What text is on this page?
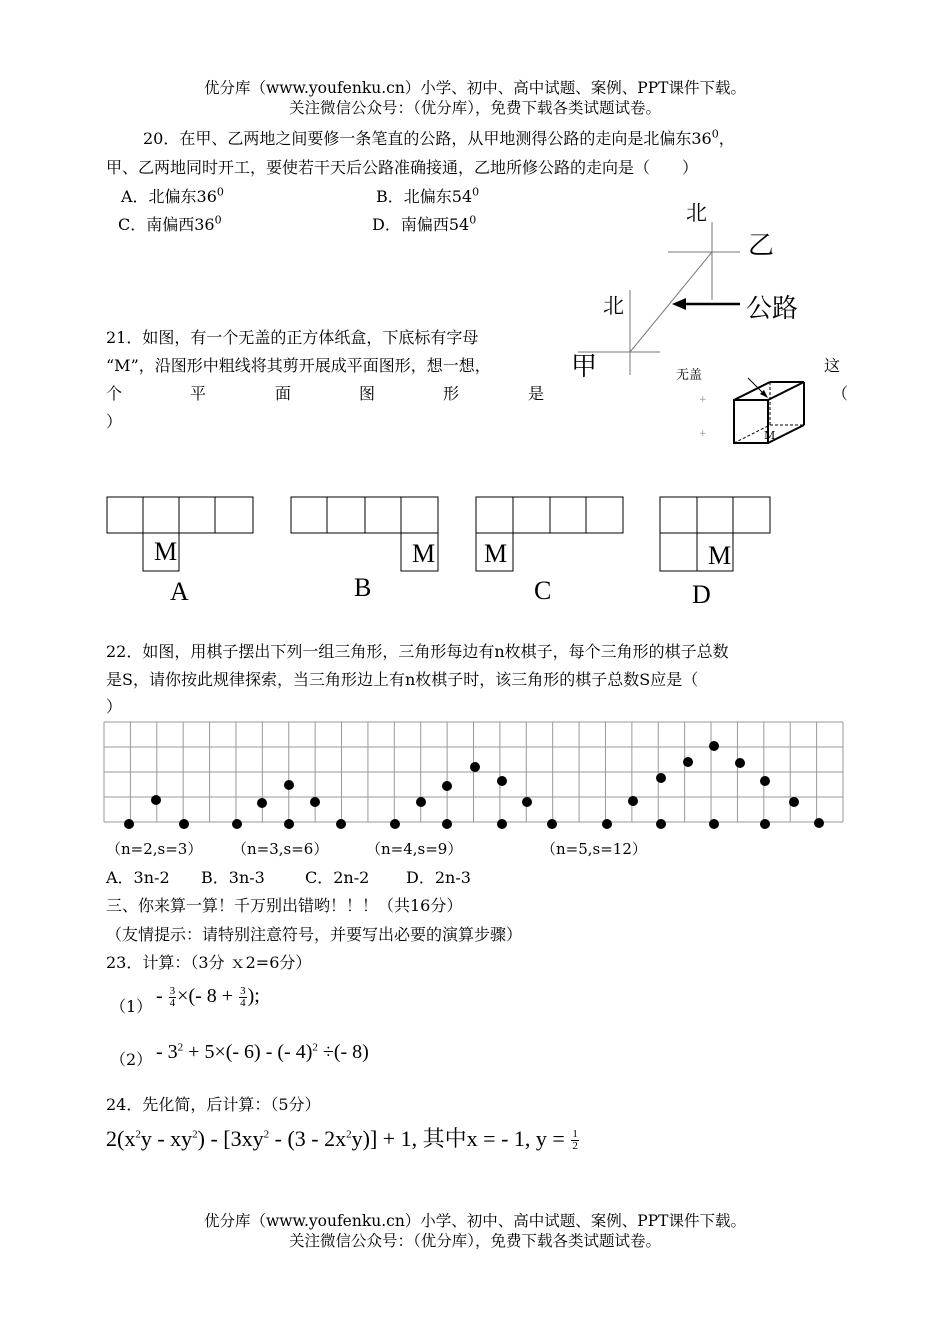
优分库（www.youfenku.cn）小学、初中、高中试题、案例、PPT课件下载。
关注微信公众号：（优分库），免费下载各类试题试卷。
20．在甲、乙两地之间要修一条笔直的公路，从甲地测得公路的走向是北偏东$36^0$，
甲、乙两地同时开工，要使若干天后公路准确接通，乙地所修公路的走向是（　　）
A．北偏东$36^0$	B．北偏东$54^0$
C．南偏西$36^0$	D．南偏西$54^0$	北
乙
北	公路
甲
21．如图，有一个无盖的正方体纸盒，下底标有字母
“M”，沿图形中粗线将其剪开展成平面图形，想一想，	这
个	平	面	图	形	是	（
）
+
+
无盖
M
M	M M	M
A	B	C	D
22．如图，用棋子摆出下列一组三角形，三角形每边有n枚棋子，每个三角形的棋子总数
是S，请你按此规律探索，当三角形边上有n枚棋子时，该三角形的棋子总数S应是（
）
（n=2,s=3） （n=3,s=6）	（n=4,s=9）	（n=5,s=12）
A．3n-2 B．3n-3	C．2n-2 D．2n-3
三、你来算一算！千万别出错哟！！！（共16分）
（友情提示：请特别注意符号，并要写出必要的演算步骤）
23．计算：（3分 ｘ2=6分）
$(1) - \frac{3}{4}$ ×(- $8 + \frac{3}{4}$ );
$(2) - 3^2 + 5\times(-$ 6) - (- 4)$^2$ ÷(- 8)
24．先化简，后计算：（5分）
$2(x^2y - xy^2) - [3xy^2 - (3 - 2x^2y)] + 1$, 其中x = - 1, $y = \frac{1}{2}$
优分库（www.youfenku.cn）小学、初中、高中试题、案例、PPT课件下载。
关注微信公众号：（优分库），免费下载各类试题试卷。
